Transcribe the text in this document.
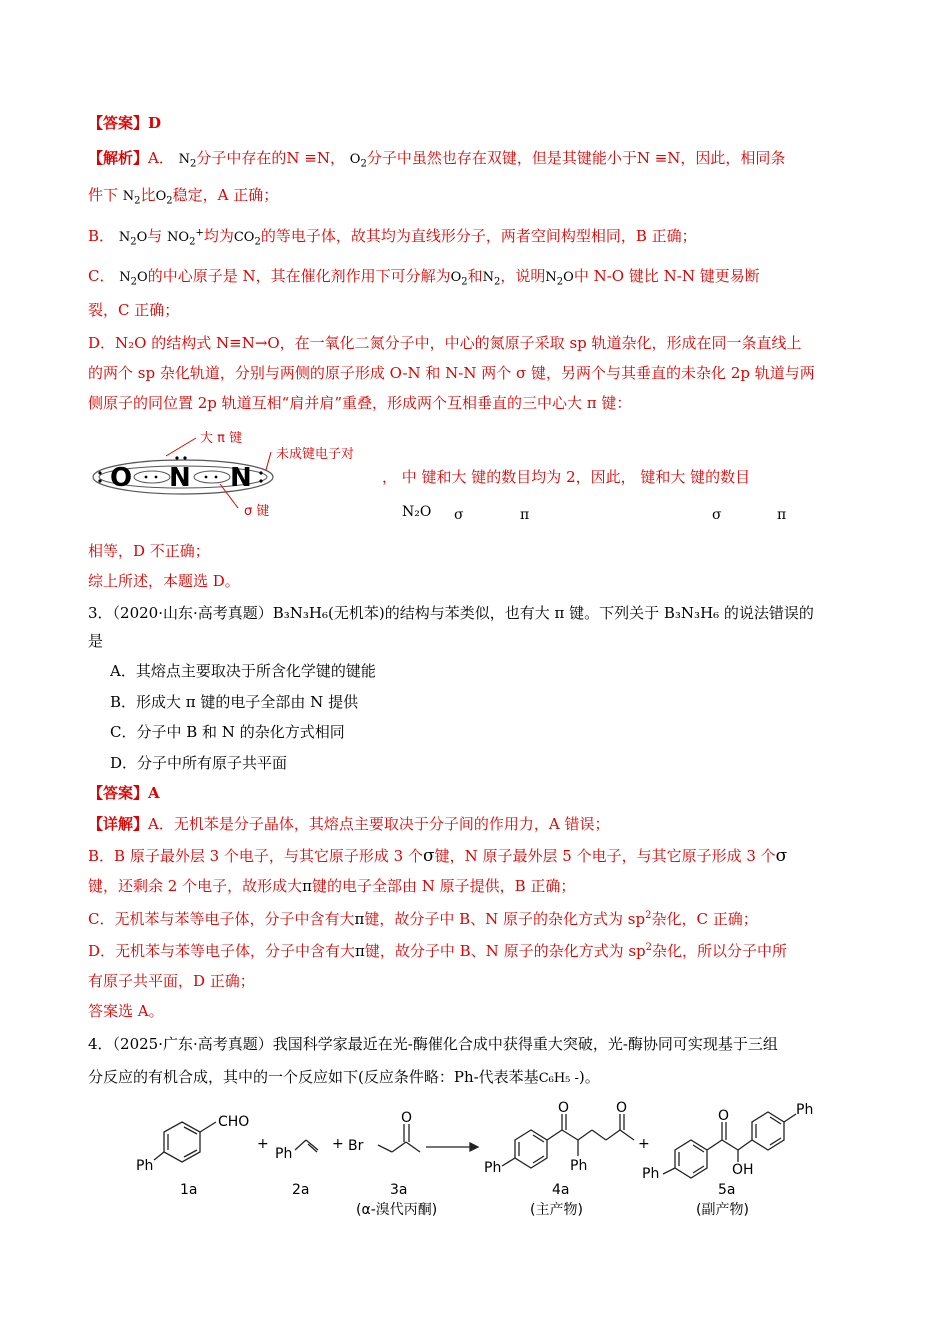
【答案】D
【解析】A． $N_2$分子中存在的N ≡N， $O_2$分子中虽然也存在双键，但是其键能小于N ≡N，因此，相同条
件下 $N_2$比$O_2$稳定，A 正确；
B． $N_2O$与 $NO_2^+$均为$CO_2$的等电子体，故其均为直线形分子，两者空间构型相同，B 正确；
C． $N_2O$的中心原子是 N，其在催化剂作用下可分解为$O_2$和$N_2$，说明$N_2O$中 N-O 键比 N-N 键更易断
裂，C 正确；
D．N₂O 的结构式 N≡N→O，在一氧化二氮分子中，中心的氮原子采取 sp 轨道杂化，形成在同一条直线上
的两个 sp 杂化轨道，分别与两侧的原子形成 O-N 和 N-N 两个 σ 键，另两个与其垂直的未杂化 2p 轨道与两
侧原子的同位置 2p 轨道互相“肩并肩”重叠，形成两个互相垂直的三中心大 π 键：
O N N
大 π 键
未成键电子对
σ 键
， 中 键和大 键的数目均为 2，因此， 键和大 键的数目
N₂O σ	π	σ	π
相等，D 不正确；
综上所述，本题选 D。
3．（2020·山东·高考真题）B₃N₃H₆(无机苯)的结构与苯类似，也有大 π 键。下列关于 B₃N₃H₆ 的说法错误的
是
A．其熔点主要取决于所含化学键的键能
B．形成大 π 键的电子全部由 N 提供
C．分子中 B 和 N 的杂化方式相同
D．分子中所有原子共平面
【答案】A
【详解】A．无机苯是分子晶体，其熔点主要取决于分子间的作用力，A 错误；
B．B 原子最外层 3 个电子，与其它原子形成 3 个σ键，N 原子最外层 5 个电子，与其它原子形成 3 个σ
键，还剩余 2 个电子，故形成大π键的电子全部由 N 原子提供，B 正确；
C．无机苯与苯等电子体，分子中含有大π键，故分子中 B、N 原子的杂化方式为 $sp^2$杂化，C 正确；
D．无机苯与苯等电子体，分子中含有大π键，故分子中 B、N 原子的杂化方式为 $sp^2$杂化，所以分子中所
有原子共平面，D 正确；
答案选 A。
4．（2025·广东·高考真题）我国科学家最近在光-酶催化合成中获得重大突破，光-酶协同可实现基于三组
分反应的有机合成，其中的一个反应如下(反应条件略：Ph-代表苯基C₆H₅ -)。
CHO
Ph
+
Ph
+ Br
O
O	O
Ph
Ph
+
O
OH
Ph
Ph
1a	2a	3a
(α-溴代丙酮)
4a
(主产物)
5a
(副产物)
